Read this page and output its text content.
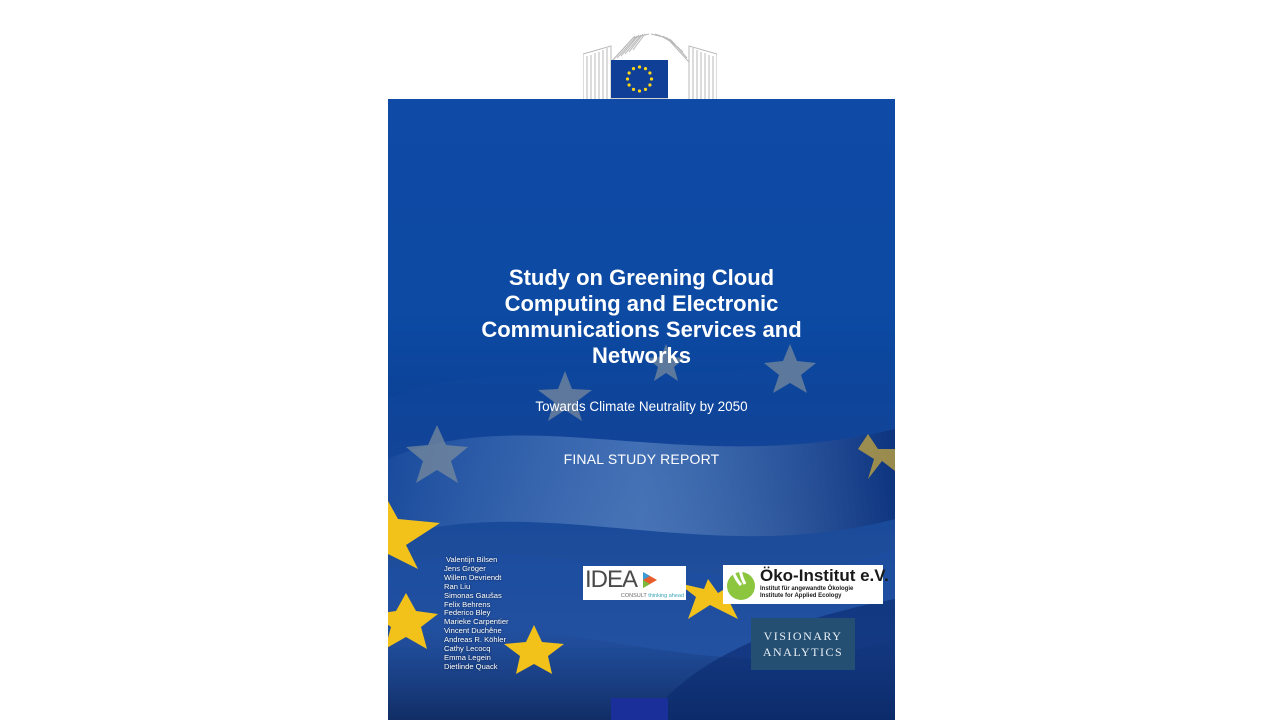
Study on Greening Cloud
Computing and Electronic
Communications Services and
Networks
Towards Climate Neutrality by 2050
FINAL STUDY REPORT
Valentijn Bilsen
Jens Gröger
Willem Devriendt
Ran Liu
Simonas Gaušas
Felix Behrens
Federico Bley
Marieke Carpentier
Vincent Duchêne
Andreas R. Köhler
Cathy Lecocq
Emma Legein
Dietlinde Quack
IDEA
CONSULT thinking ahead
Öko-Institut e.V.
Institut für angewandte Ökologie
Institute for Applied Ecology
VISIONARY
ANALYTICS
